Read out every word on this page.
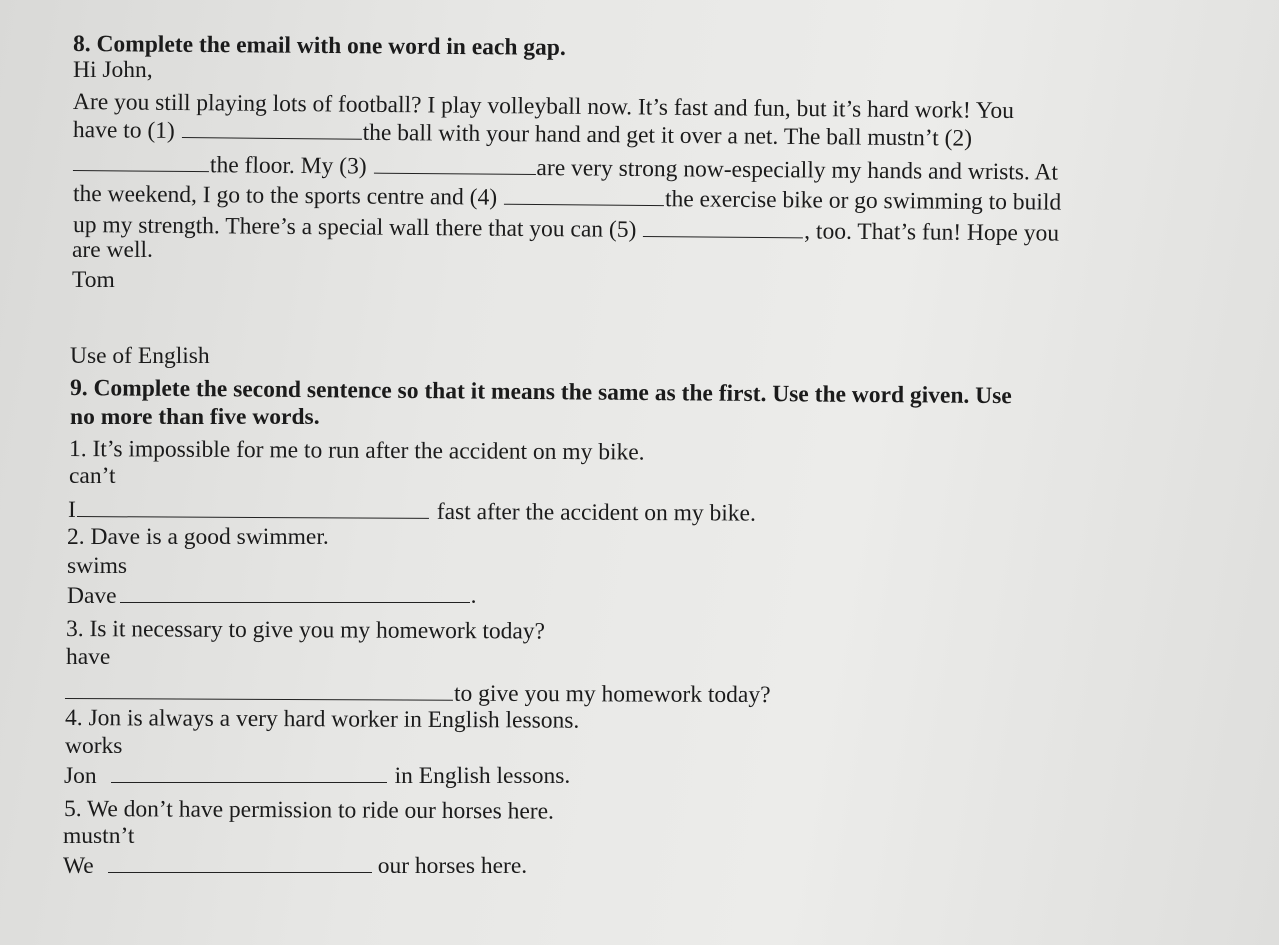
8. Complete the email with one word in each gap.
Hi John,
Are you still playing lots of football? I play volleyball now. It’s fast and fun, but it’s hard work! You
have to (1)	the ball with your hand and get it over a net. The ball mustn’t (2)
the floor. My (3)	are very strong now-especially my hands and wrists. At
the weekend, I go to the sports centre and (4)	the exercise bike or go swimming to build
up my strength. There’s a special wall there that you can (5)	, too. That’s fun! Hope you
are well.
Tom
Use of English
9. Complete the second sentence so that it means the same as the first. Use the word given. Use
no more than five words.
1. It’s impossible for me to run after the accident on my bike.
can’t
I	fast after the accident on my bike.
2. Dave is a good swimmer.
swims
Dave	.
3. Is it necessary to give you my homework today?
have
to give you my homework today?
4. Jon is always a very hard worker in English lessons.
works
Jon	in English lessons.
5. We don’t have permission to ride our horses here.
mustn’t
We	our horses here.
